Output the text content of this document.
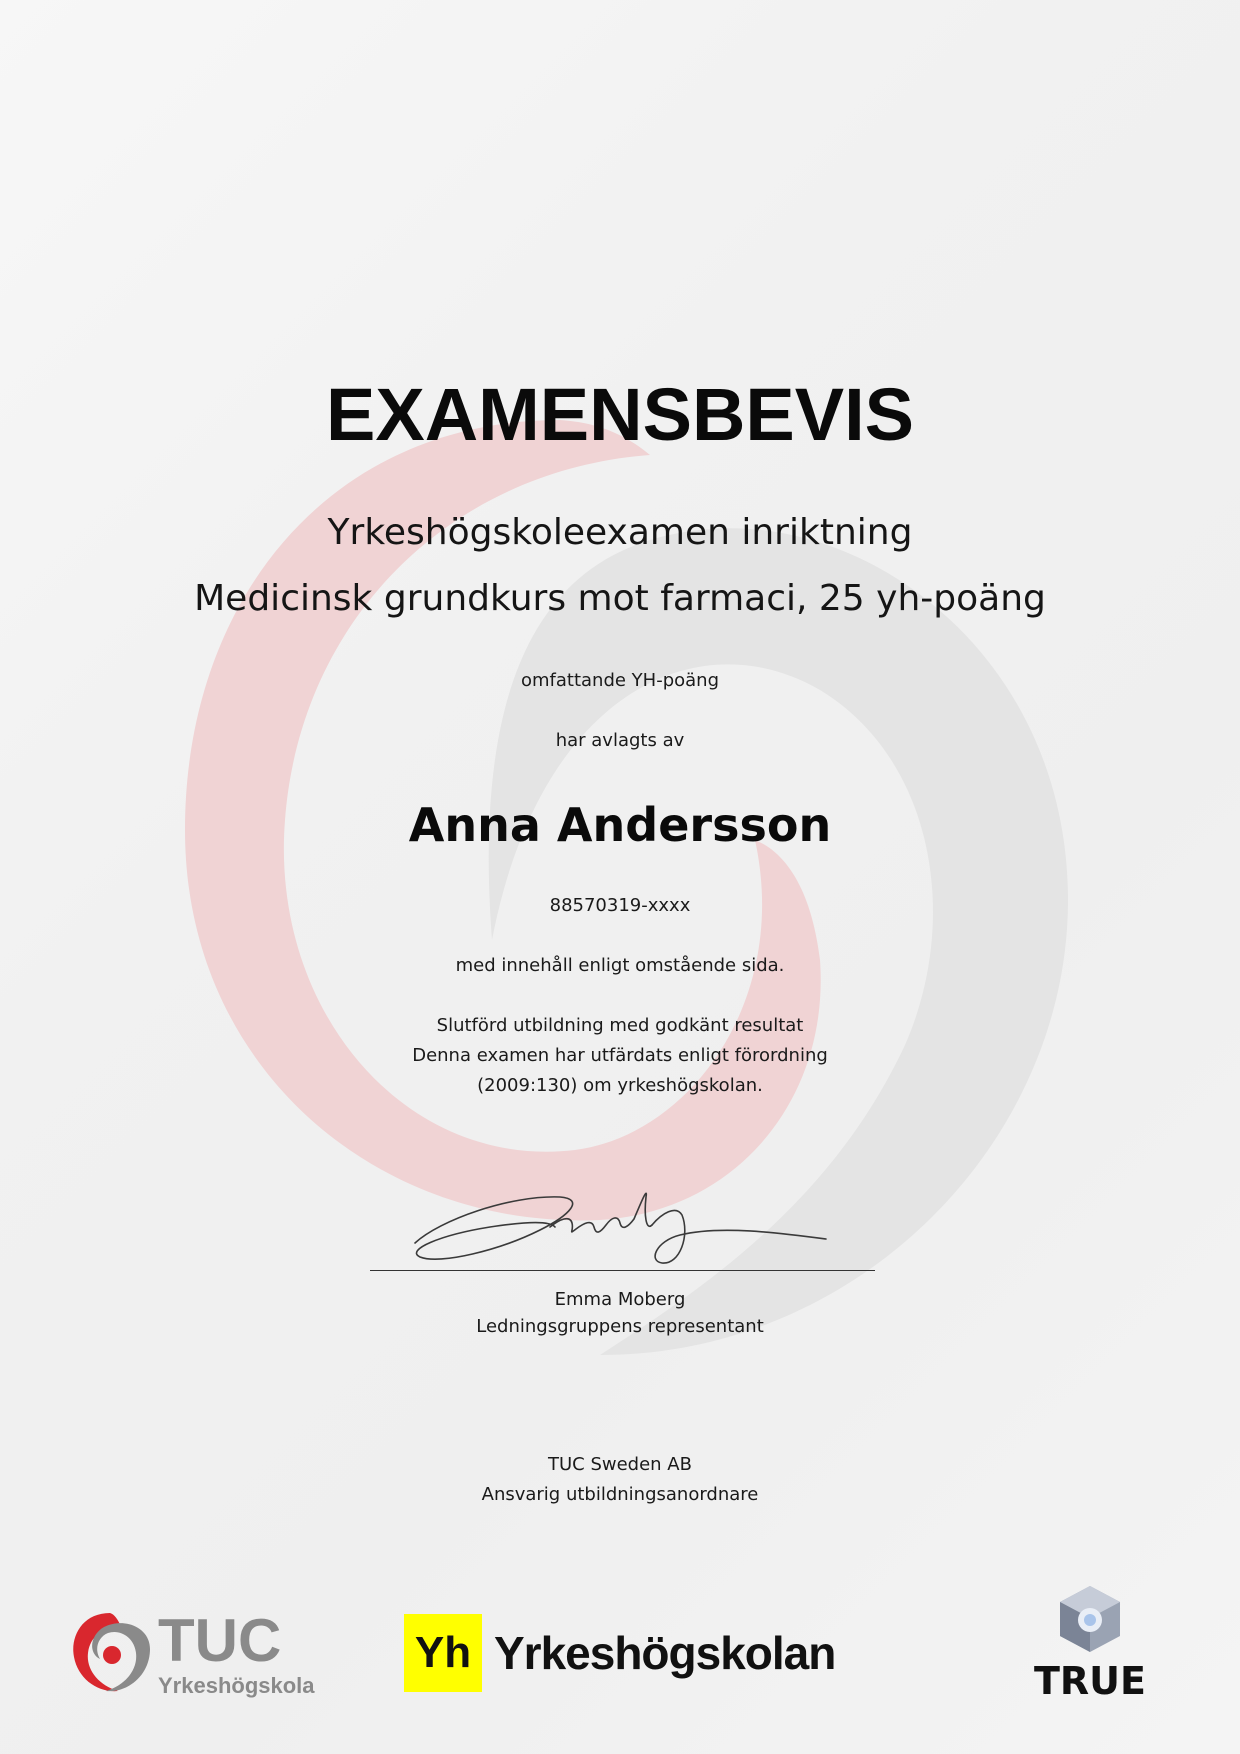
EXAMENSBEVIS
Yrkeshögskoleexamen inriktning
Medicinsk grundkurs mot farmaci, 25 yh-poäng
omfattande YH-poäng
har avlagts av
Anna Andersson
88570319-xxxx
med innehåll enligt omstående sida.
Slutförd utbildning med godkänt resultat
Denna examen har utfärdats enligt förordning
(2009:130) om yrkeshögskolan.
Emma Moberg
Ledningsgruppens representant
TUC Sweden AB
Ansvarig utbildningsanordnare
TUC
Yrkeshögskola
Yh Yrkeshögskolan
TRUE
